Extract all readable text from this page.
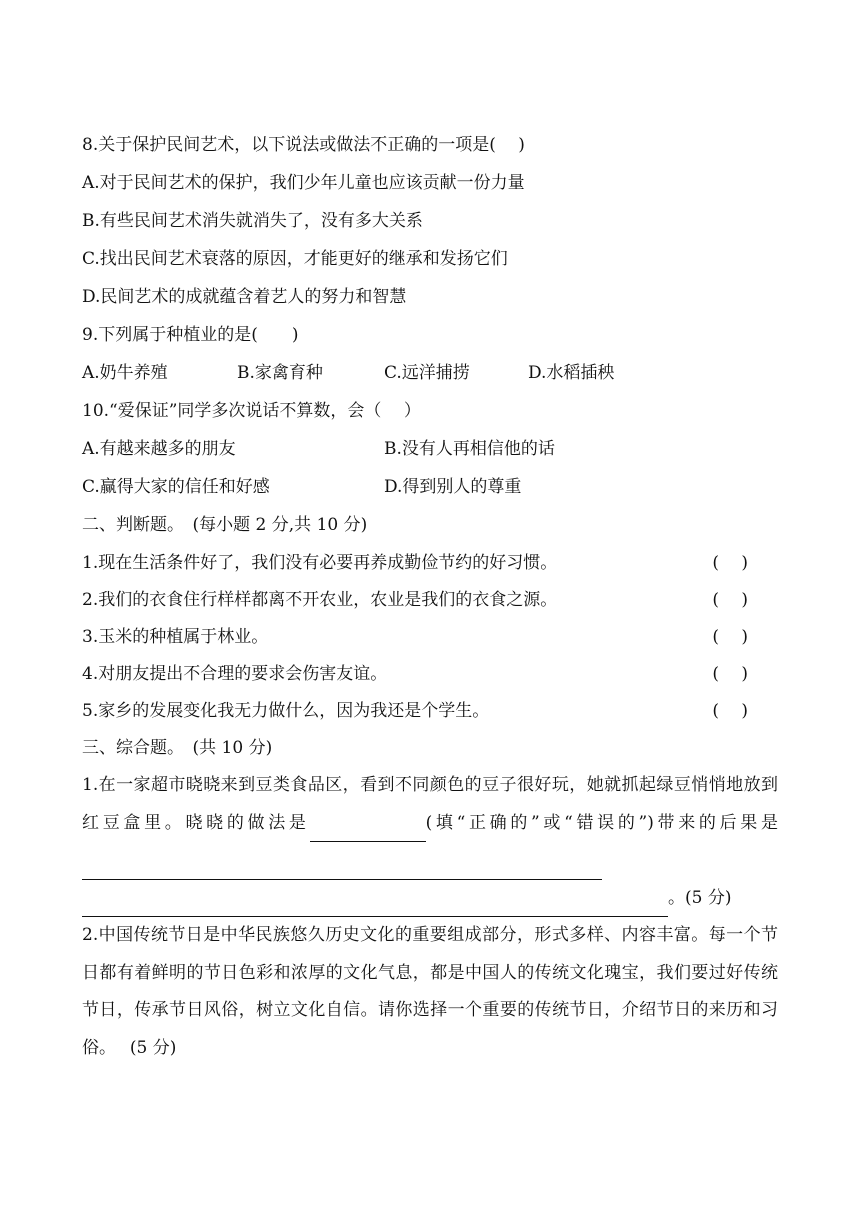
8.关于保护民间艺术，以下说法或做法不正确的一项是(　 )
A.对于民间艺术的保护，我们少年儿童也应该贡献一份力量
B.有些民间艺术消失就消失了，没有多大关系
C.找出民间艺术衰落的原因，才能更好的继承和发扬它们
D.民间艺术的成就蕴含着艺人的努力和智慧
9.下列属于种植业的是(　　)
A.奶牛养殖	B.家禽育种	C.远洋捕捞	D.水稻插秧
10.“爱保证”同学多次说话不算数，会（　 ）
A.有越来越多的朋友	B.没有人再相信他的话
C.赢得大家的信任和好感	D.得到别人的尊重
二、判断题。　(每小题 2 分,共 10 分)
1.现在生活条件好了，我们没有必要再养成勤俭节约的好习惯。	(　 )
2.我们的衣食住行样样都离不开农业，农业是我们的衣食之源。	(　 )
3.玉米的种植属于林业。	(　 )
4.对朋友提出不合理的要求会伤害友谊。	(　 )
5.家乡的发展变化我无力做什么，因为我还是个学生。	(　 )
三、综合题。　(共 10 分)
1.在一家超市晓晓来到豆类食品区，看到不同颜色的豆子很好玩，她就抓起绿豆悄悄地放到红豆盒里。晓晓的做法是	(填“正确的”或“错误的”)带来的后果是 。(5 分)
2.中国传统节日是中华民族悠久历史文化的重要组成部分，形式多样、内容丰富。每一个节日都有着鲜明的节日色彩和浓厚的文化气息，都是中国人的传统文化瑰宝，我们要过好传统节日，传承节日风俗，树立文化自信。请你选择一个重要的传统节日，介绍节日的来历和习俗。　 (5 分)
